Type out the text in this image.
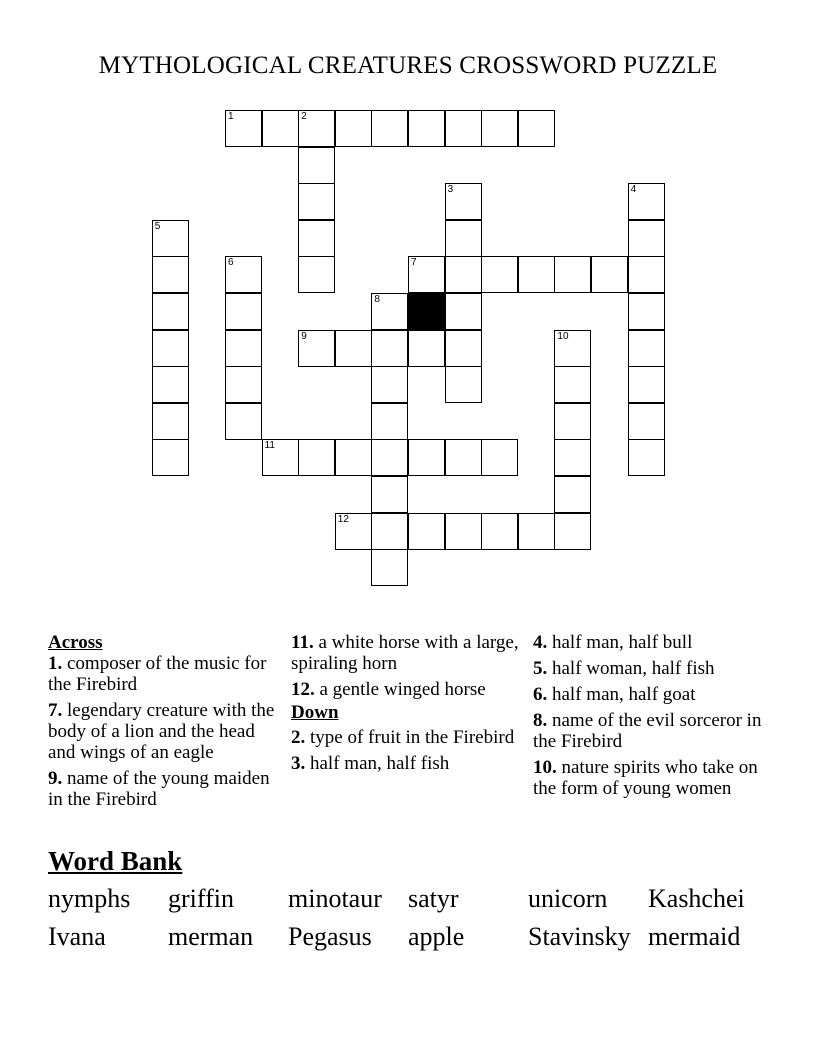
MYTHOLOGICAL CREATURES CROSSWORD PUZZLE
1	2
3	4
5
6	7
8
9	10
11
12
Across
1. composer of the music for the Firebird
7. legendary creature with the body of a lion and the head and wings of an eagle
9. name of the young maiden in the Firebird
11. a white horse with a large, spiraling horn
12. a gentle winged horse
Down
2. type of fruit in the Firebird
3. half man, half fish
4. half man, half bull
5. half woman, half fish
6. half man, half goat
8. name of the evil sorceror in the Firebird
10. nature spirits who take on the form of young women
Word Bank
nymphs griffin minotaur satyr	unicorn Kashchei
Ivana merman Pegasus apple Stavinsky mermaid
